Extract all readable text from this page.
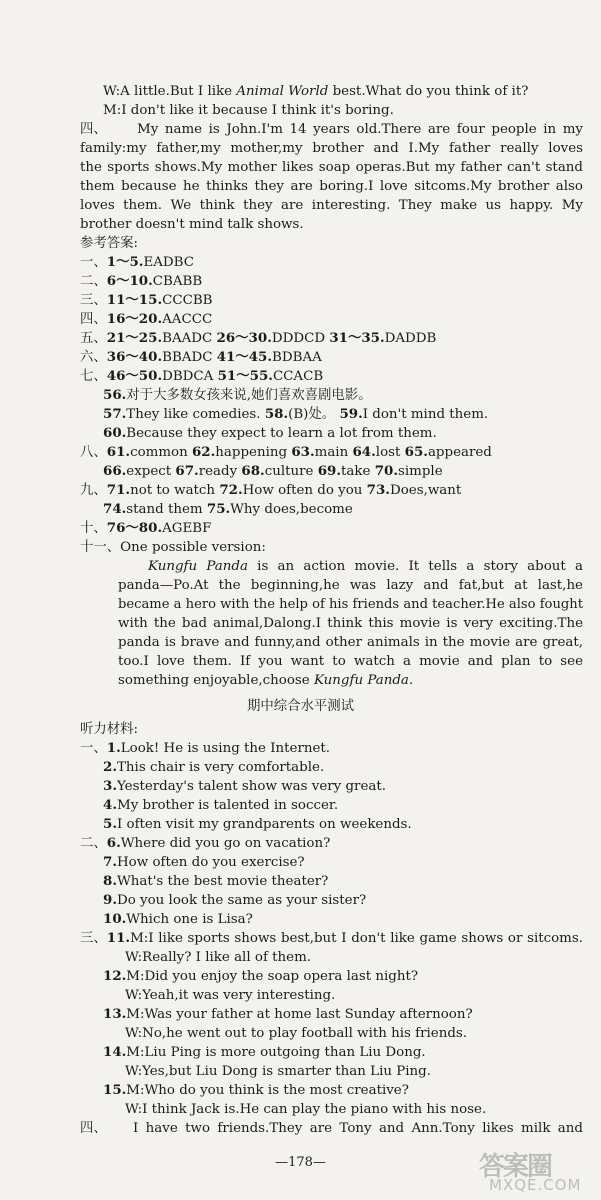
W:A little.But I like Animal World best.What do you think of it?
M:I don't like it because I think it's boring.
四、 My name is John.I'm 14 years old.There are four people in my
family:my father,my mother,my brother and I.My father really loves
the sports shows.My mother likes soap operas.But my father can't stand
them because he thinks they are boring.I love sitcoms.My brother also
loves them. We think they are interesting. They make us happy. My
brother doesn't mind talk shows.
参考答案:
一、1～5.EADBC
二、6～10.CBABB
三、11～15.CCCBB
四、16～20.AACCC
五、21～25.BAADC 26～30.DDDCD 31～35.DADDB
六、36～40.BBADC 41～45.BDBAA
七、46～50.DBDCA 51～55.CCACB
56.对于大多数女孩来说,她们喜欢喜剧电影。
57.They like comedies. 58.(B)处。 59.I don't mind them.
60.Because they expect to learn a lot from them.
八、61.common 62.happening 63.main 64.lost 65.appeared
66.expect 67.ready 68.culture 69.take 70.simple
九、71.not to watch 72.How often do you 73.Does,want
74.stand them 75.Why does,become
十、76～80.AGEBF
十一、One possible version:
Kungfu Panda is an action movie. It tells a story about a
panda—Po.At the beginning,he was lazy and fat,but at last,he
became a hero with the help of his friends and teacher.He also fought
with the bad animal,Dalong.I think this movie is very exciting.The
panda is brave and funny,and other animals in the movie are great,
too.I love them. If you want to watch a movie and plan to see
something enjoyable,choose Kungfu Panda.
期中综合水平测试
听力材料:
一、1.Look! He is using the Internet.
2.This chair is very comfortable.
3.Yesterday's talent show was very great.
4.My brother is talented in soccer.
5.I often visit my grandparents on weekends.
二、6.Where did you go on vacation?
7.How often do you exercise?
8.What's the best movie theater?
9.Do you look the same as your sister?
10.Which one is Lisa?
三、11.M:I like sports shows best,but I don't like game shows or sitcoms.
W:Really? I like all of them.
12.M:Did you enjoy the soap opera last night?
W:Yeah,it was very interesting.
13.M:Was your father at home last Sunday afternoon?
W:No,he went out to play football with his friends.
14.M:Liu Ping is more outgoing than Liu Dong.
W:Yes,but Liu Dong is smarter than Liu Ping.
15.M:Who do you think is the most creative?
W:I think Jack is.He can play the piano with his nose.
四、 I have two friends.They are Tony and Ann.Tony likes milk and
—178—	答案圈
MXQE.COM
